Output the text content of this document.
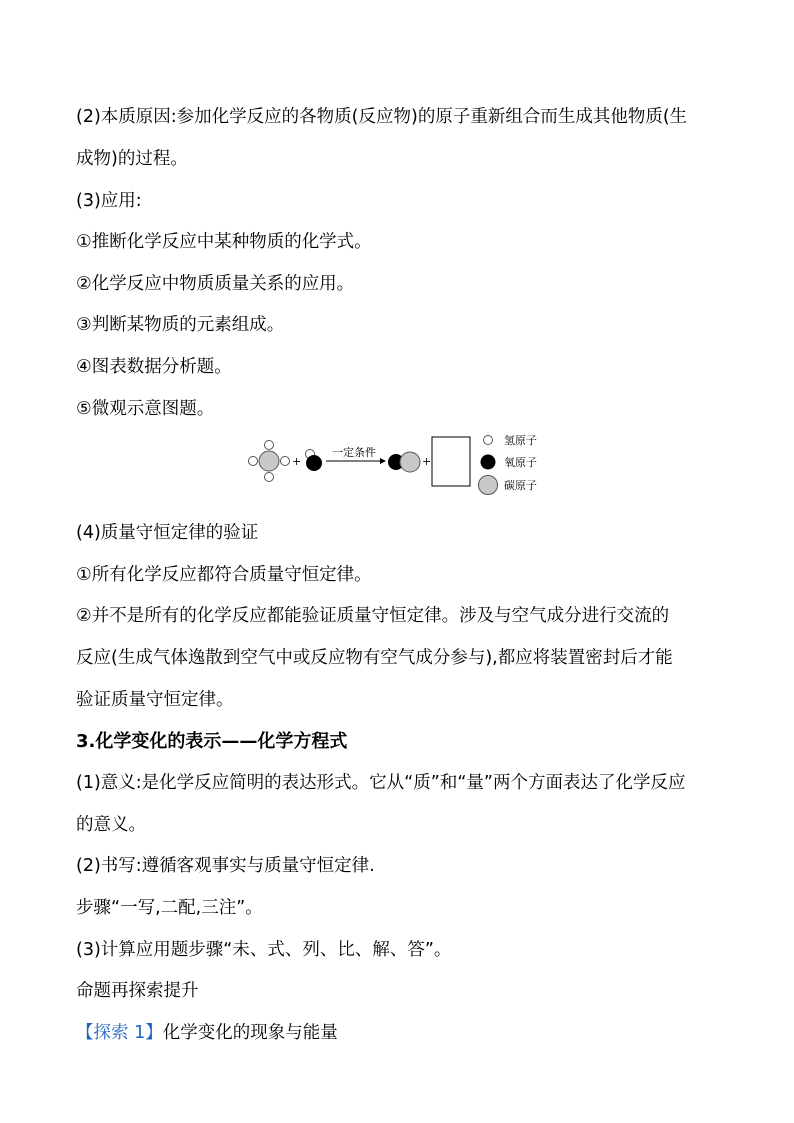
(2)本质原因:参加化学反应的各物质(反应物)的原子重新组合而生成其他物质(生
成物)的过程。
(3)应用:
①推断化学反应中某种物质的化学式。
②化学反应中物质质量关系的应用。
③判断某物质的元素组成。
④图表数据分析题。
⑤微观示意图题。
+
一定条件
+
氢原子
氧原子
碳原子
(4)质量守恒定律的验证
①所有化学反应都符合质量守恒定律。
②并不是所有的化学反应都能验证质量守恒定律。涉及与空气成分进行交流的
反应(生成气体逸散到空气中或反应物有空气成分参与),都应将装置密封后才能
验证质量守恒定律。
3.化学变化的表示——化学方程式
(1)意义:是化学反应简明的表达形式。它从“质”和“量”两个方面表达了化学反应
的意义。
(2)书写:遵循客观事实与质量守恒定律.
步骤“一写,二配,三注”。
(3)计算应用题步骤“未、式、列、比、解、答”。
命题再探索提升
【探索 1】化学变化的现象与能量
